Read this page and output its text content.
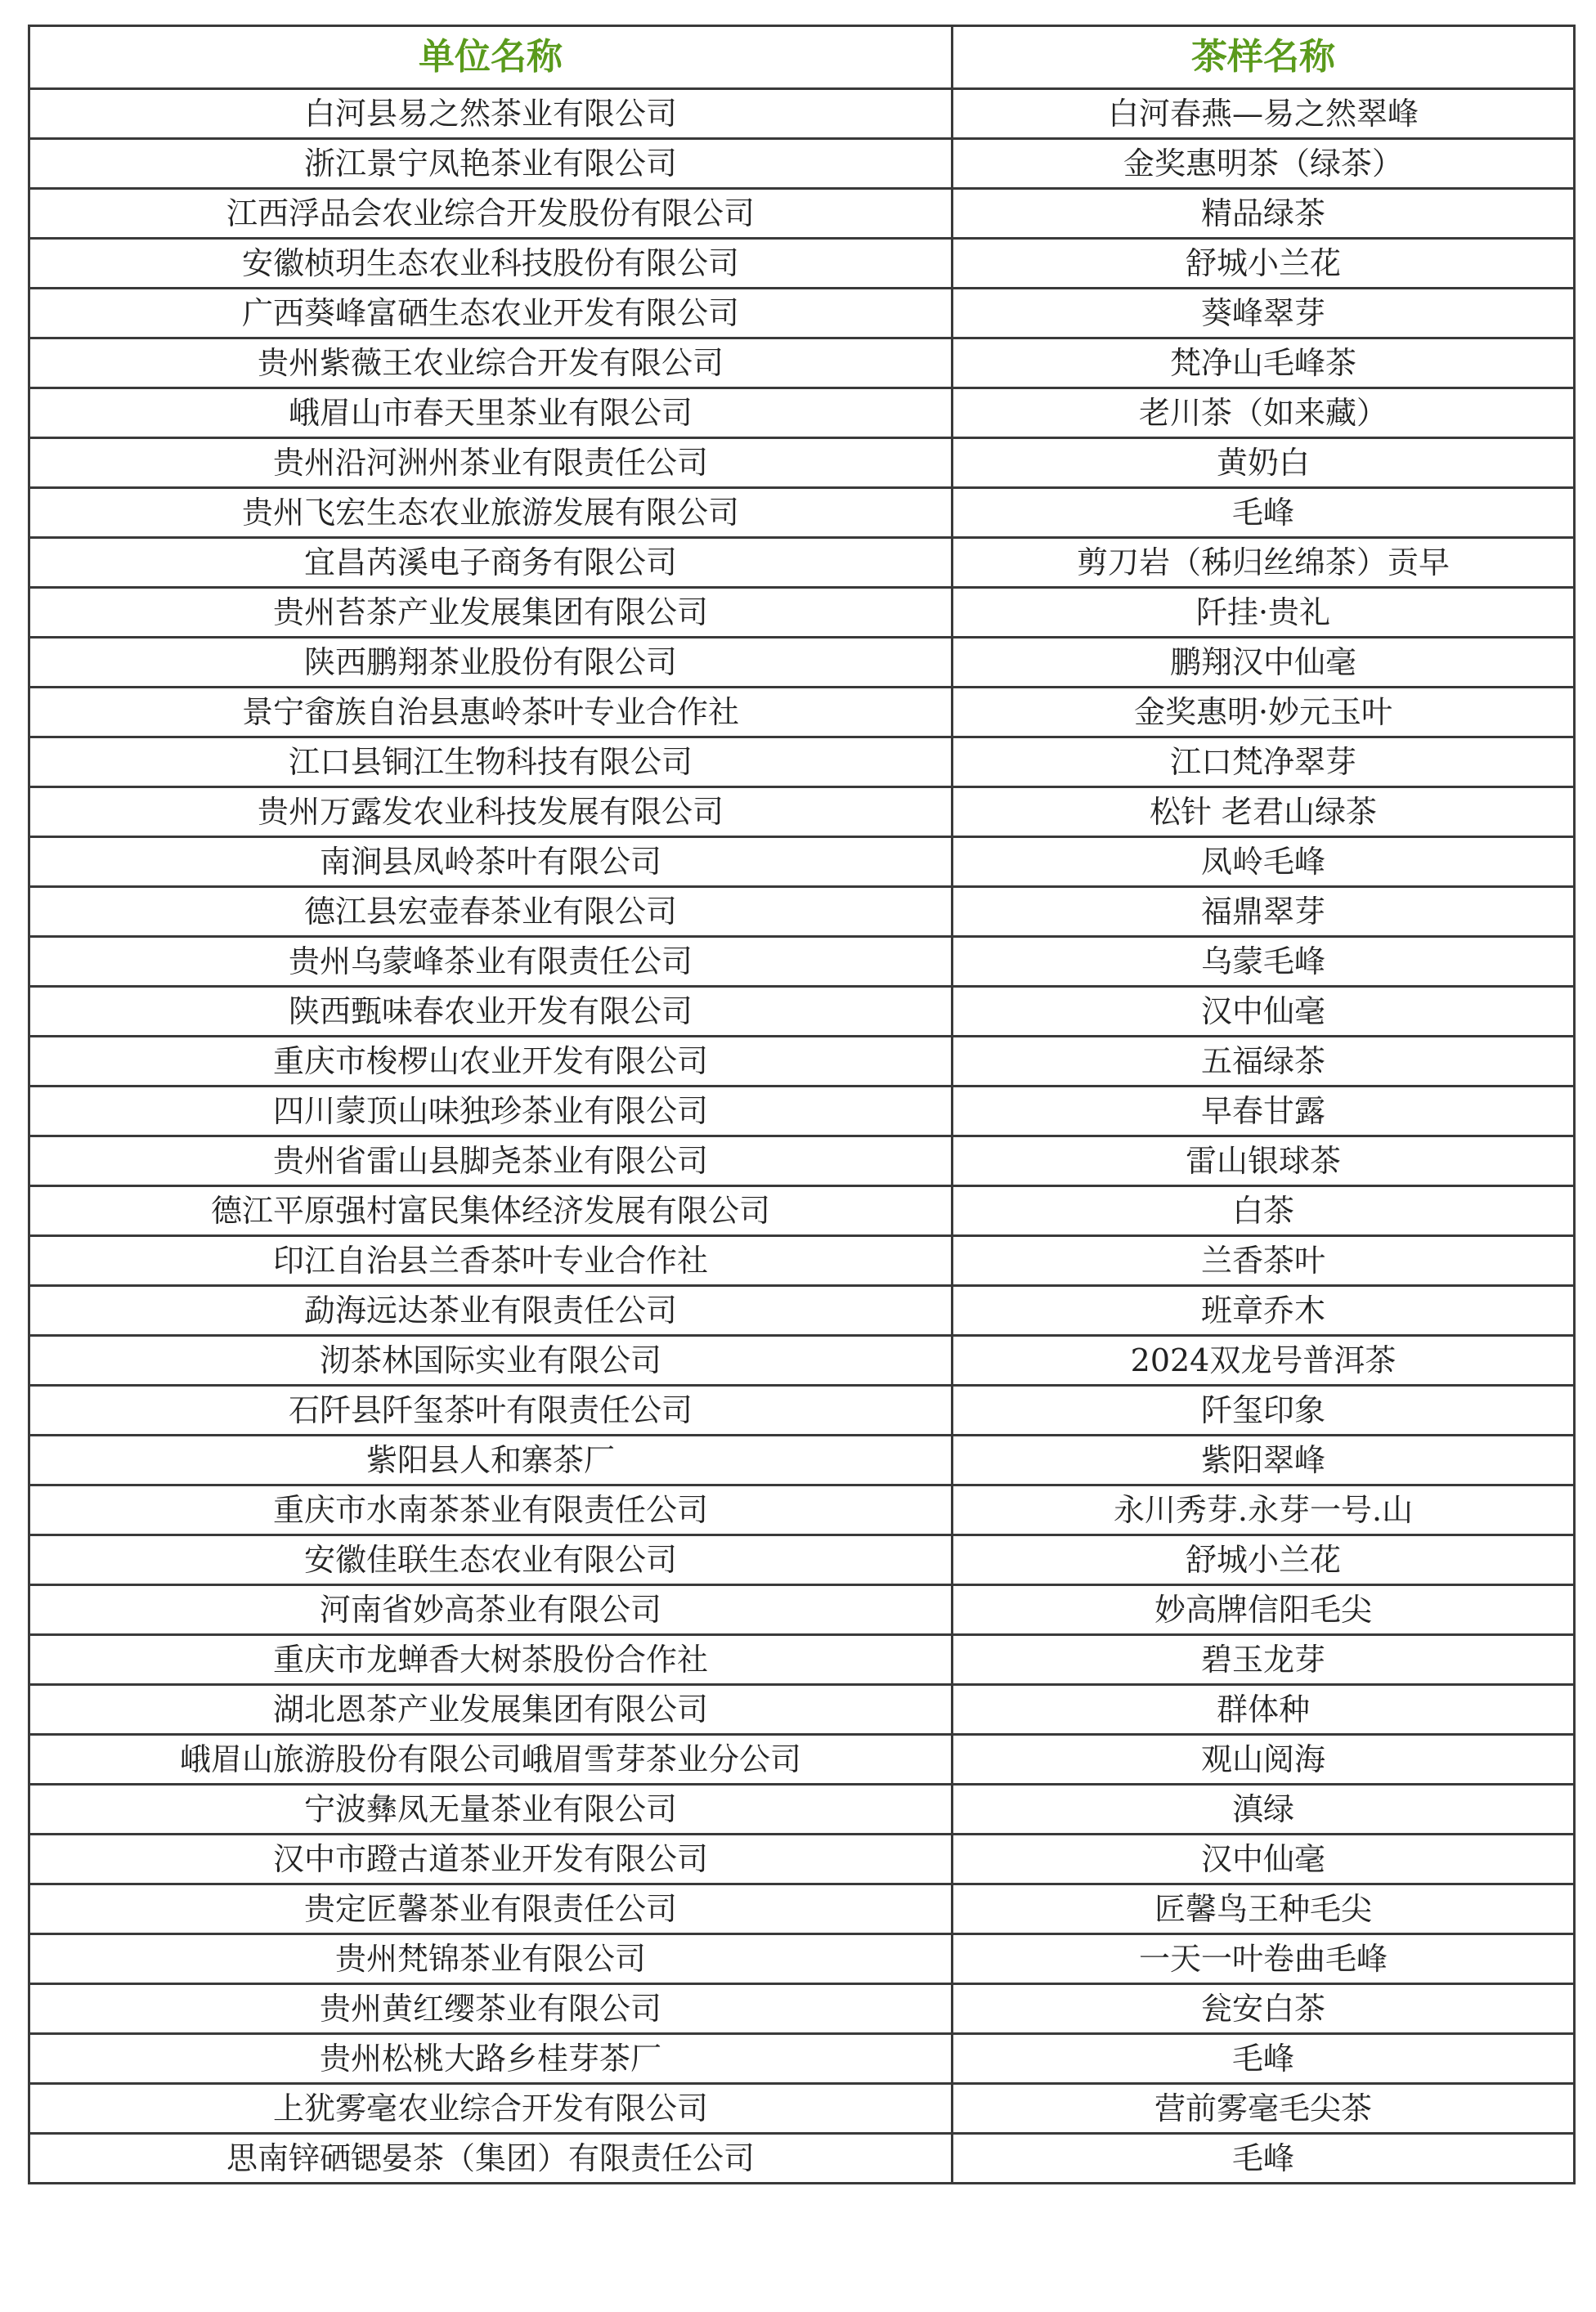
单位名称	茶样名称
白河县易之然茶业有限公司	白河春燕—易之然翠峰
浙江景宁凤艳茶业有限公司	金奖惠明茶（绿茶）
江西浮品会农业综合开发股份有限公司	精品绿茶
安徽桢玥生态农业科技股份有限公司	舒城小兰花
广西葵峰富硒生态农业开发有限公司	葵峰翠芽
贵州紫薇王农业综合开发有限公司	梵净山毛峰茶
峨眉山市春天里茶业有限公司	老川茶（如来藏）
贵州沿河洲州茶业有限责任公司	黄奶白
贵州飞宏生态农业旅游发展有限公司	毛峰
宜昌芮溪电子商务有限公司	剪刀岩（秭归丝绵茶）贡早
贵州苔茶产业发展集团有限公司	阡挂·贵礼
陕西鹏翔茶业股份有限公司	鹏翔汉中仙毫
景宁畲族自治县惠岭茶叶专业合作社	金奖惠明·妙元玉叶
江口县铜江生物科技有限公司	江口梵净翠芽
贵州万露发农业科技发展有限公司	松针 老君山绿茶
南涧县凤岭茶叶有限公司	凤岭毛峰
德江县宏壶春茶业有限公司	福鼎翠芽
贵州乌蒙峰茶业有限责任公司	乌蒙毛峰
陕西甄味春农业开发有限公司	汉中仙毫
重庆市梭椤山农业开发有限公司	五福绿茶
四川蒙顶山味独珍茶业有限公司	早春甘露
贵州省雷山县脚尧茶业有限公司	雷山银球茶
德江平原强村富民集体经济发展有限公司	白茶
印江自治县兰香茶叶专业合作社	兰香茶叶
勐海远达茶业有限责任公司	班章乔木
沏茶林国际实业有限公司	2024双龙号普洱茶
石阡县阡玺茶叶有限责任公司	阡玺印象
紫阳县人和寨茶厂	紫阳翠峰
重庆市水南茶茶业有限责任公司	永川秀芽.永芽一号.山
安徽佳联生态农业有限公司	舒城小兰花
河南省妙高茶业有限公司	妙高牌信阳毛尖
重庆市龙蝉香大树茶股份合作社	碧玉龙芽
湖北恩茶产业发展集团有限公司	群体种
峨眉山旅游股份有限公司峨眉雪芽茶业分公司	观山阅海
宁波彝凤无量茶业有限公司	滇绿
汉中市蹬古道茶业开发有限公司	汉中仙毫
贵定匠馨茶业有限责任公司	匠馨鸟王种毛尖
贵州梵锦茶业有限公司	一天一叶卷曲毛峰
贵州黄红缨茶业有限公司	瓮安白茶
贵州松桃大路乡桂芽茶厂	毛峰
上犹雾毫农业综合开发有限公司	营前雾毫毛尖茶
思南锌硒锶晏茶（集团）有限责任公司	毛峰
